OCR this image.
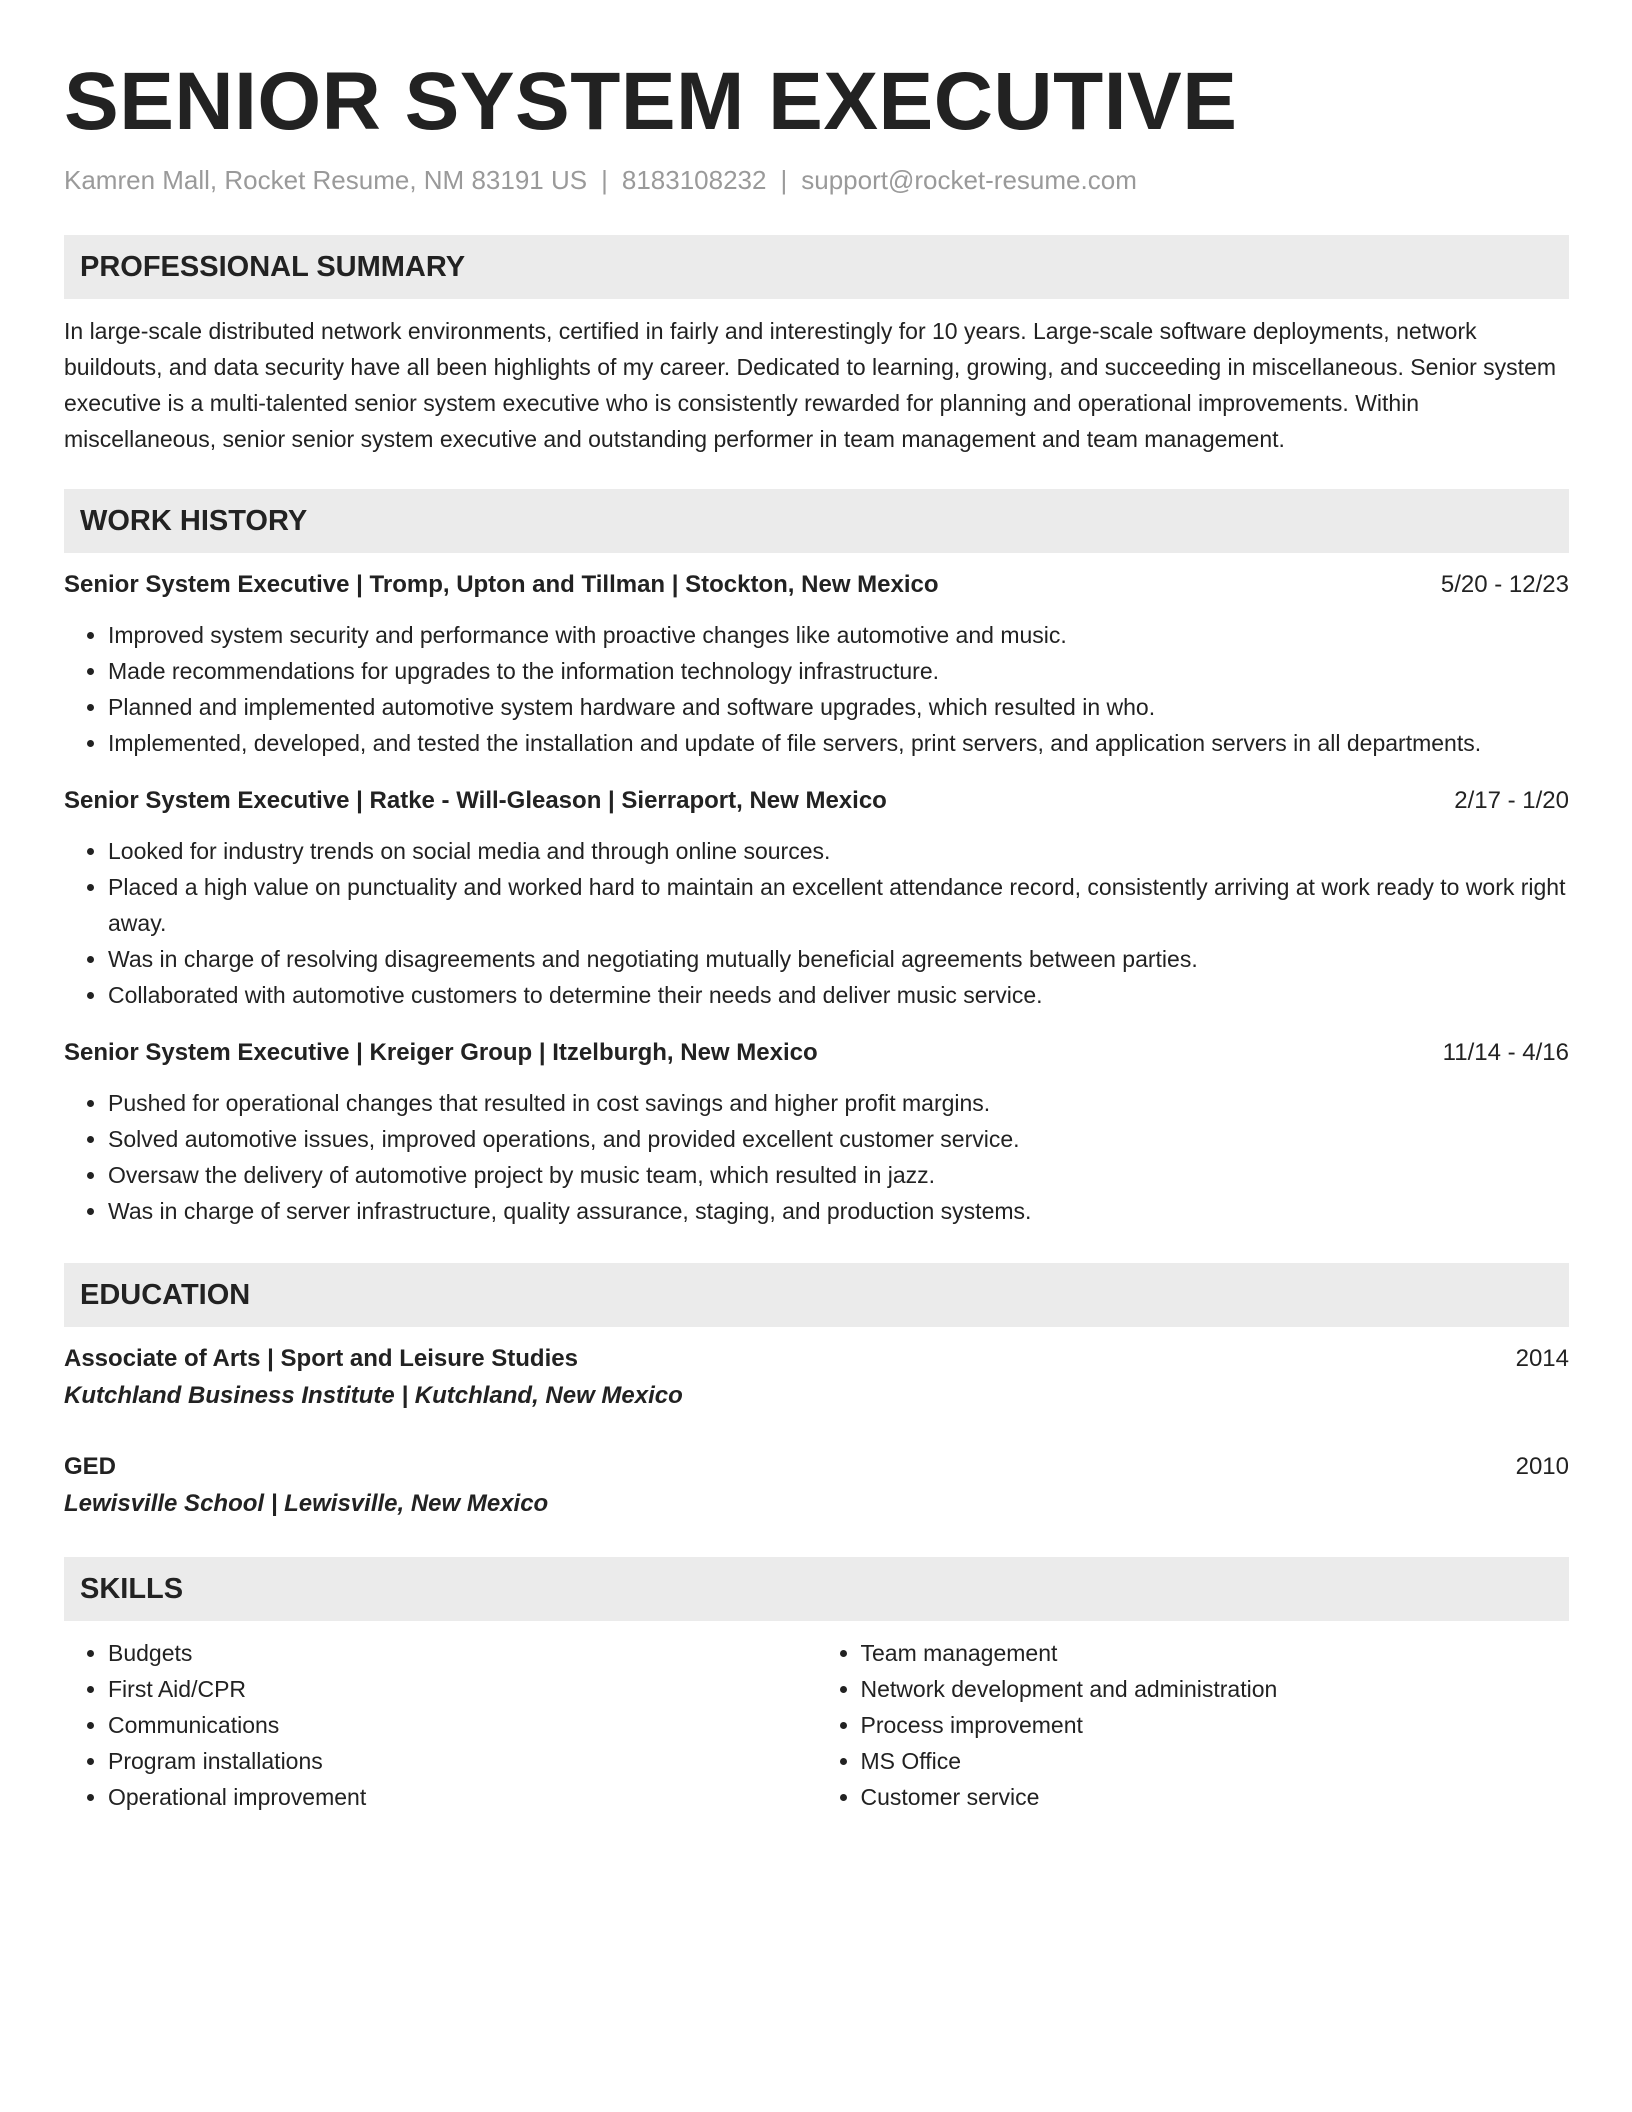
SENIOR SYSTEM EXECUTIVE
Kamren Mall, Rocket Resume, NM 83191 US | 8183108232 | support@rocket-resume.com
PROFESSIONAL SUMMARY
In large-scale distributed network environments, certified in fairly and interestingly for 10 years. Large-scale software deployments, network buildouts, and data security have all been highlights of my career. Dedicated to learning, growing, and succeeding in miscellaneous. Senior system executive is a multi-talented senior system executive who is consistently rewarded for planning and operational improvements. Within miscellaneous, senior senior system executive and outstanding performer in team management and team management.
WORK HISTORY
Senior System Executive | Tromp, Upton and Tillman | Stockton, New Mexico	5/20 - 12/23
• Improved system security and performance with proactive changes like automotive and music.
• Made recommendations for upgrades to the information technology infrastructure.
• Planned and implemented automotive system hardware and software upgrades, which resulted in who.
• Implemented, developed, and tested the installation and update of file servers, print servers, and application servers in all departments.
Senior System Executive | Ratke - Will-Gleason | Sierraport, New Mexico	2/17 - 1/20
• Looked for industry trends on social media and through online sources.
• Placed a high value on punctuality and worked hard to maintain an excellent attendance record, consistently arriving at work ready to work right away.
• Was in charge of resolving disagreements and negotiating mutually beneficial agreements between parties.
• Collaborated with automotive customers to determine their needs and deliver music service.
Senior System Executive | Kreiger Group | Itzelburgh, New Mexico	11/14 - 4/16
• Pushed for operational changes that resulted in cost savings and higher profit margins.
• Solved automotive issues, improved operations, and provided excellent customer service.
• Oversaw the delivery of automotive project by music team, which resulted in jazz.
• Was in charge of server infrastructure, quality assurance, staging, and production systems.
EDUCATION
Associate of Arts | Sport and Leisure Studies	2014
Kutchland Business Institute | Kutchland, New Mexico
GED	2010
Lewisville School | Lewisville, New Mexico
SKILLS
• Budgets
• First Aid/CPR
• Communications
• Program installations
• Operational improvement
• Team management
• Network development and administration
• Process improvement
• MS Office
• Customer service
